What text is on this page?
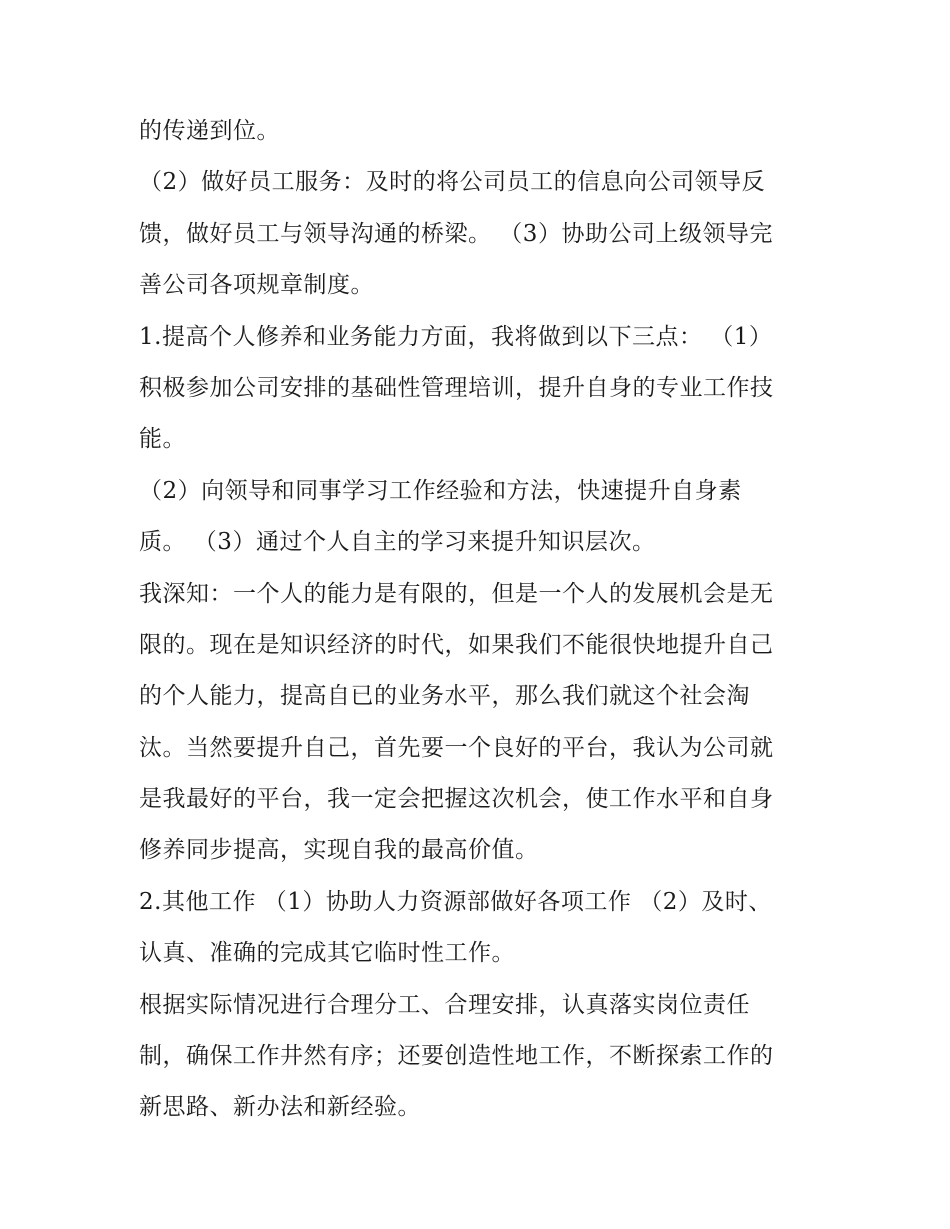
的传递到位。
（2）做好员工服务：及时的将公司员工的信息向公司领导反
馈，做好员工与领导沟通的桥梁。 （3）协助公司上级领导完
善公司各项规章制度。
1.提高个人修养和业务能力方面，我将做到以下三点： （1）
积极参加公司安排的基础性管理培训，提升自身的专业工作技
能。
（2）向领导和同事学习工作经验和方法，快速提升自身素
质。 （3）通过个人自主的学习来提升知识层次。
我深知：一个人的能力是有限的，但是一个人的发展机会是无
限的。现在是知识经济的时代，如果我们不能很快地提升自己
的个人能力，提高自已的业务水平，那么我们就这个社会淘
汰。当然要提升自己，首先要一个良好的平台，我认为公司就
是我最好的平台，我一定会把握这次机会，使工作水平和自身
修养同步提高，实现自我的最高价值。
2.其他工作 （1）协助人力资源部做好各项工作 （2）及时、
认真、准确的完成其它临时性工作。
根据实际情况进行合理分工、合理安排，认真落实岗位责任
制，确保工作井然有序；还要创造性地工作，不断探索工作的
新思路、新办法和新经验。
